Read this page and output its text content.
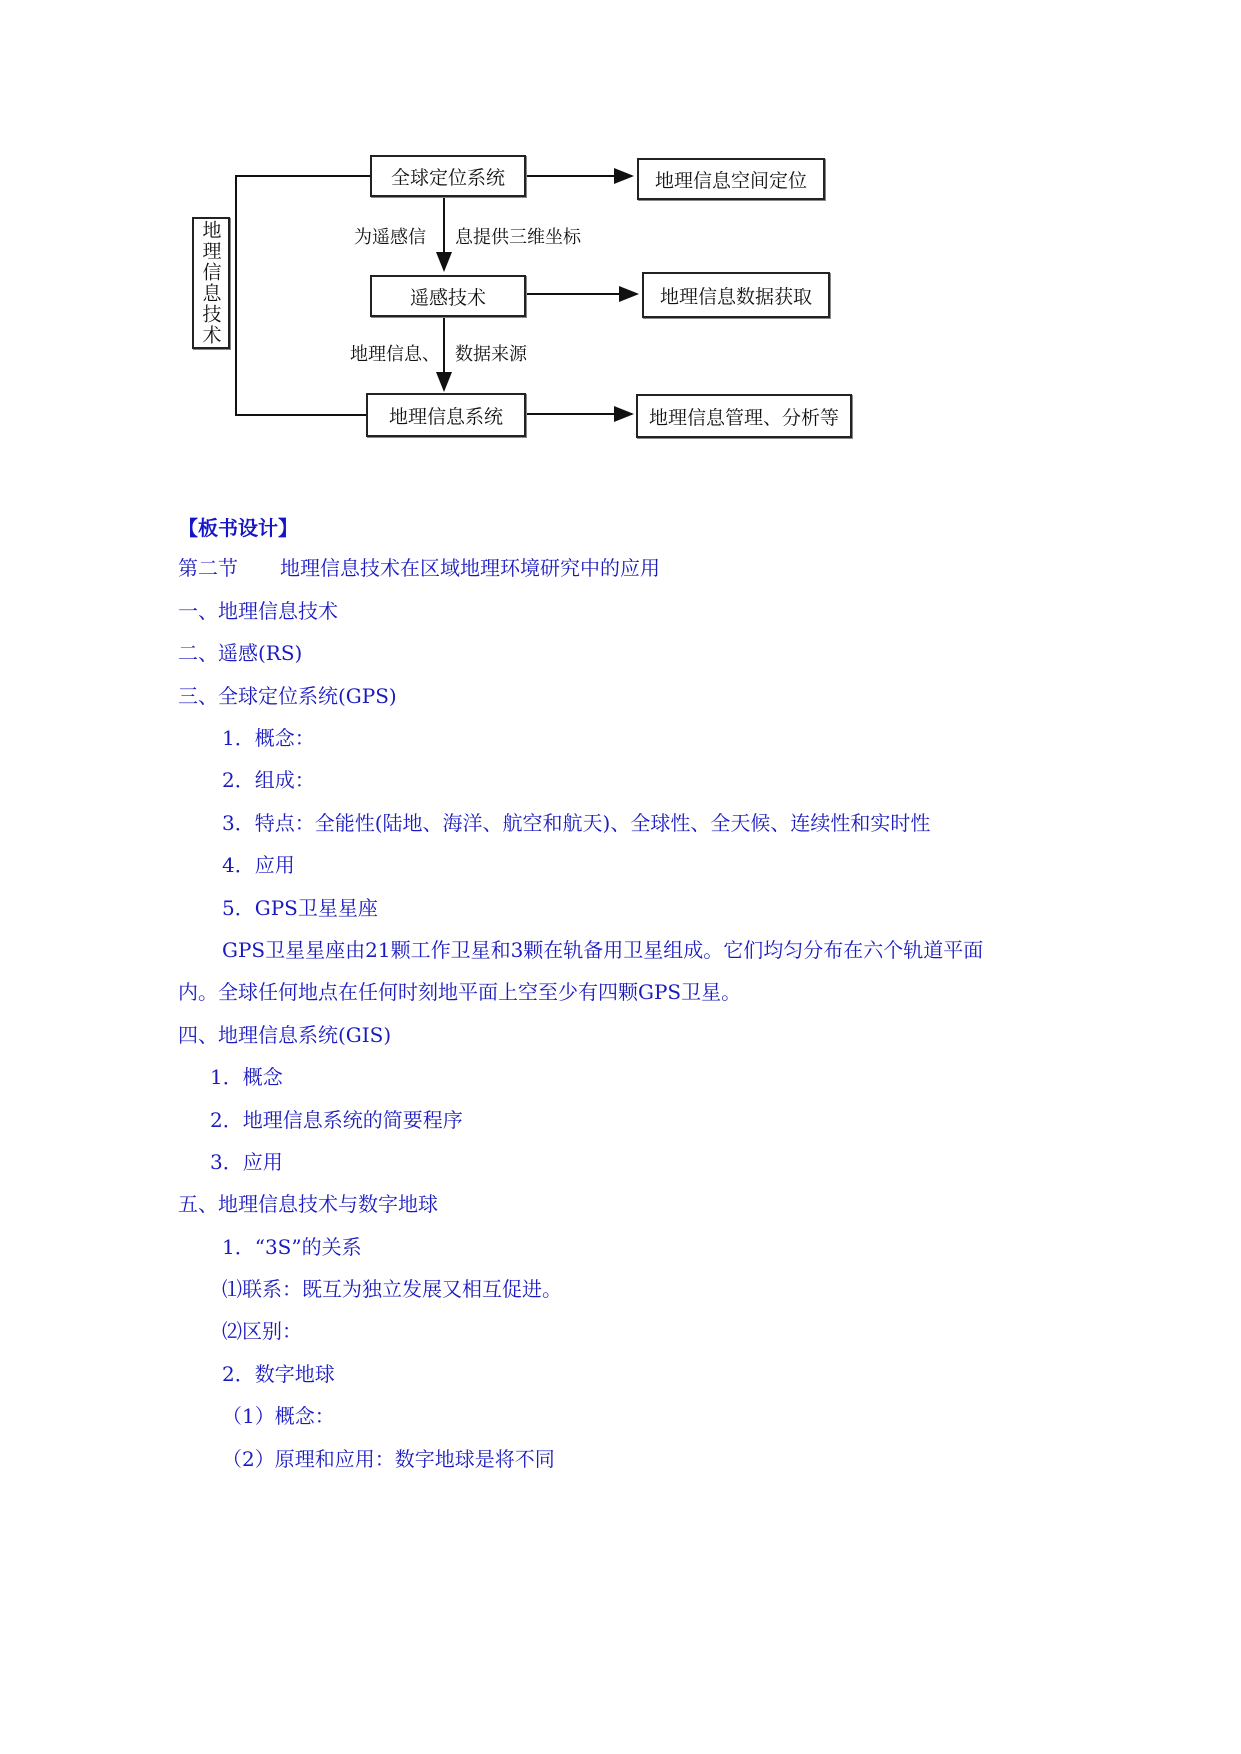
地理信息技术
全球定位系统
遥感技术
地理信息系统
地理信息空间定位
地理信息数据获取
地理信息管理、分析等
为遥感信 息提供三维坐标
地理信息、 数据来源
【板书设计】
第二节 地理信息技术在区域地理环境研究中的应用
一、地理信息技术
二、遥感(RS)
三、全球定位系统(GPS)
1．概念：
2．组成：
3．特点：全能性(陆地、海洋、航空和航天)、全球性、全天候、连续性和实时性
4．应用
5．GPS卫星星座
GPS卫星星座由21颗工作卫星和3颗在轨备用卫星组成。它们均匀分布在六个轨道平面
内。全球任何地点在任何时刻地平面上空至少有四颗GPS卫星。
四、地理信息系统(GIS)
1．概念
2．地理信息系统的简要程序
3．应用
五、地理信息技术与数字地球
1．“3S”的关系
⑴联系：既互为独立发展又相互促进。
⑵区别：
2．数字地球
（1）概念：
（2）原理和应用：数字地球是将不同
